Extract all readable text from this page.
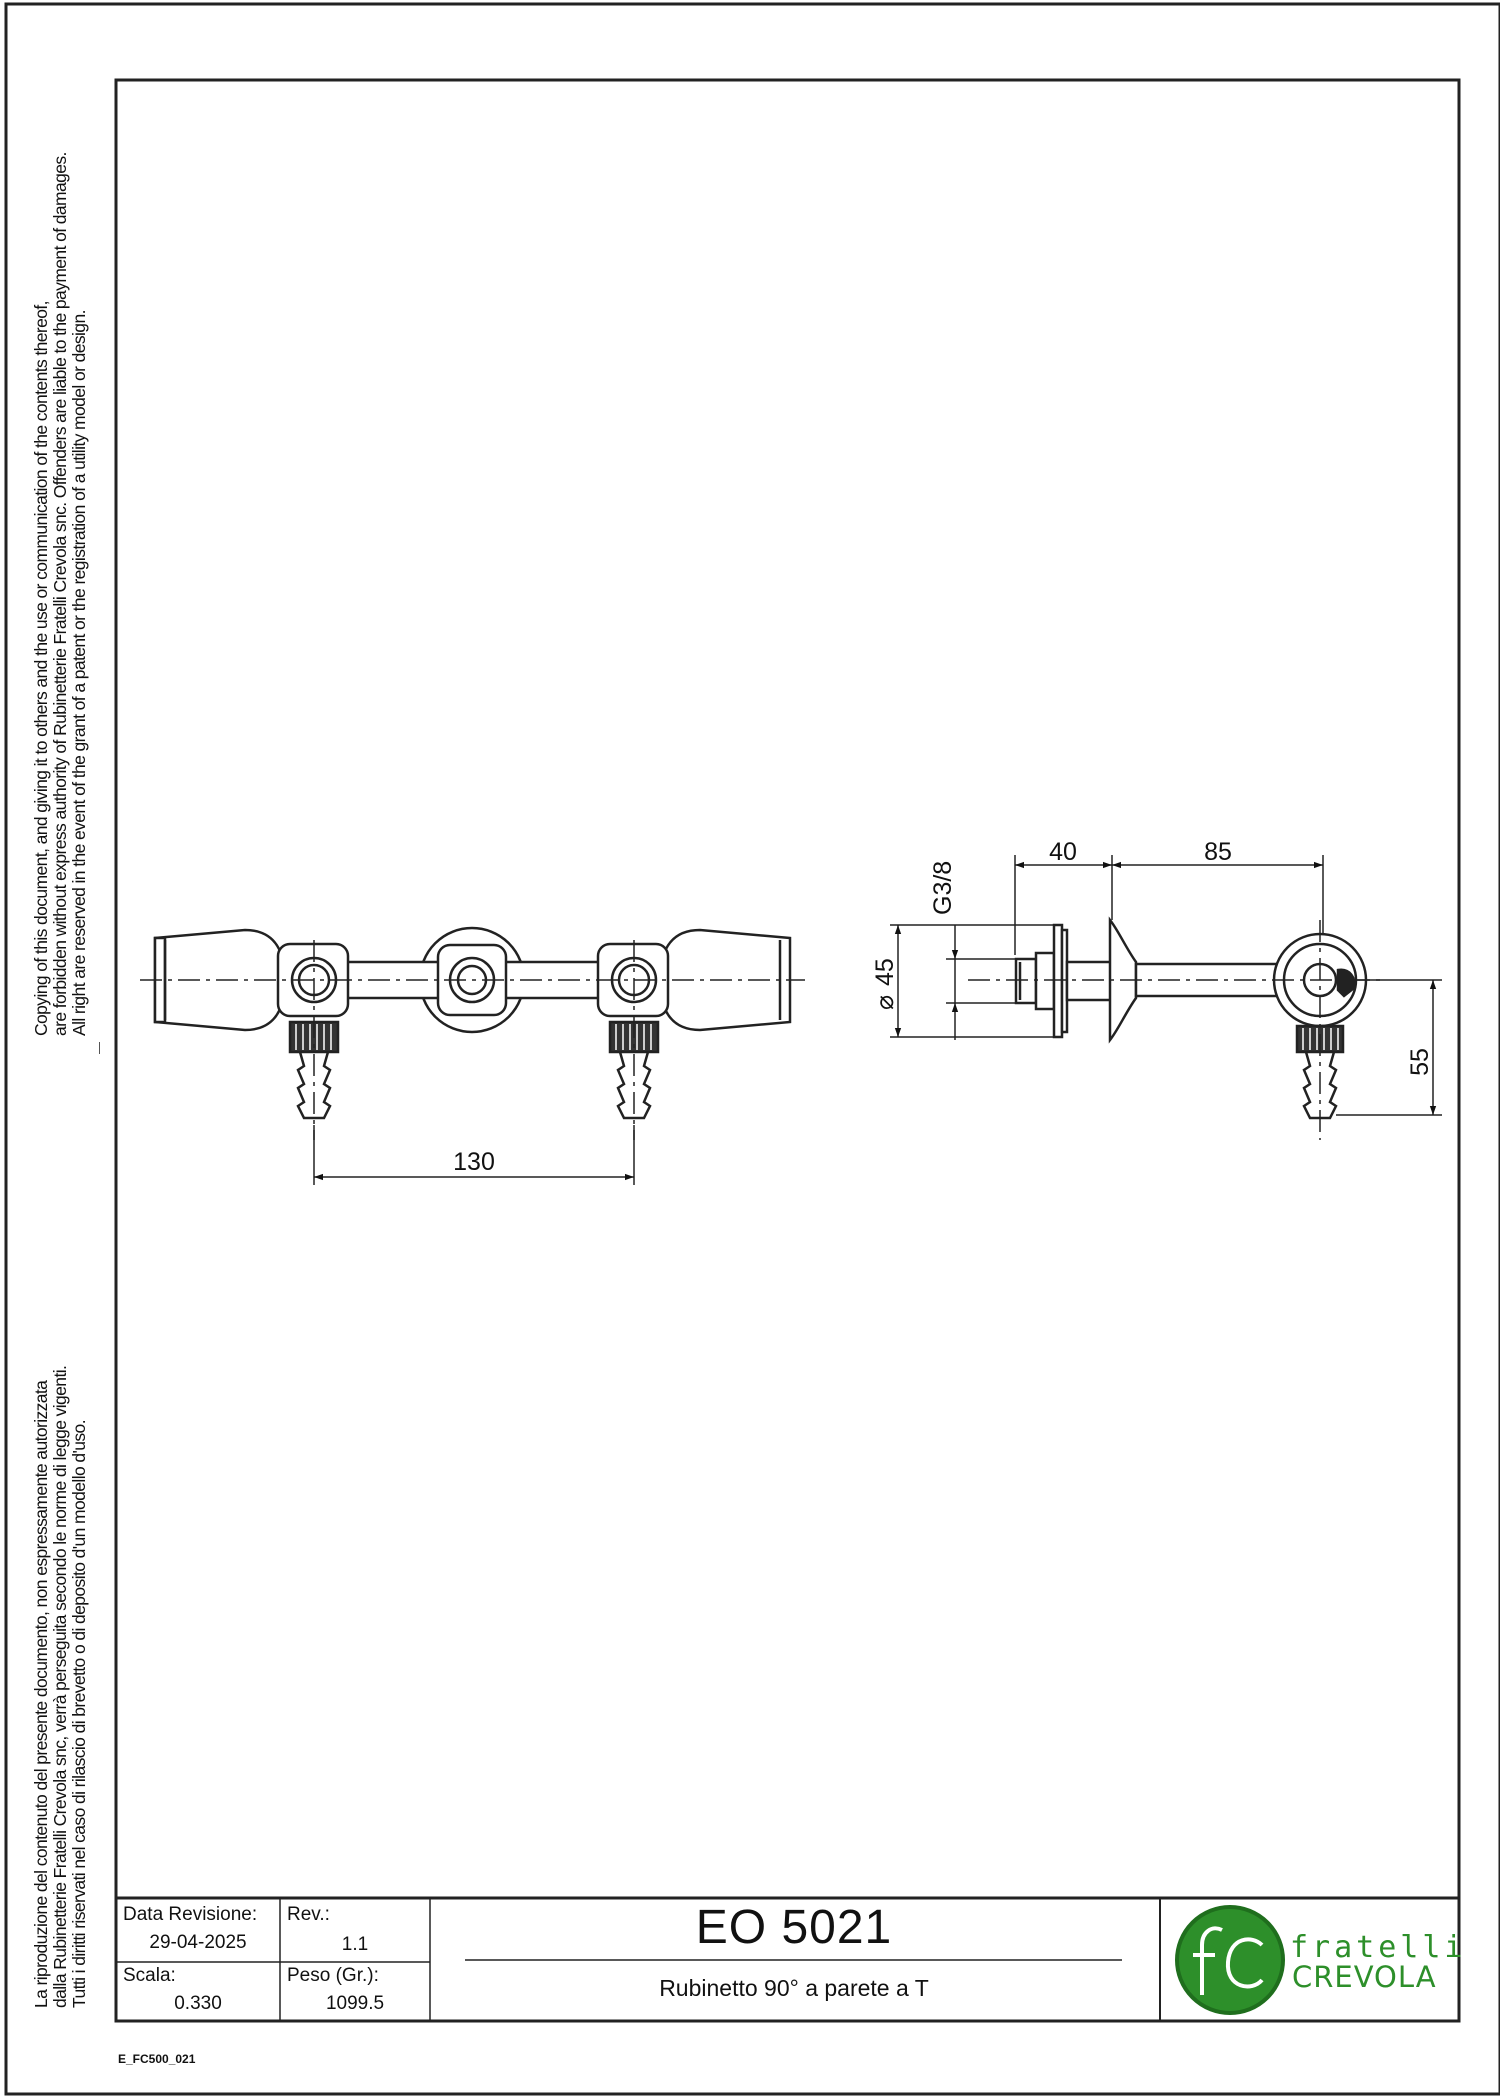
Copying of this document, and giving it to others and the use or communication of the contents thereof, are forbidden without express authority of Rubinetterie Fratelli Crevola snc. Offenders are liable to the payment of damages. All right are reserved in the event of the grant of a patent or the registration of a utility model or design.
La riproduzione del contenuto del presente documento, non espressamente autorizzata dalla Rubinetterie Fratelli Crevola snc, verrà perseguita secondo le norme di legge vigenti. Tutti i diritti riservati nel caso di rilascio di brevetto o di deposito d'un modello d'uso.
130
40	85
G3/8
⌀
45
55
Data Revisione:
29-04-2025
Rev.:
1.1
Scala:
0.330
Peso (Gr.):
1099.5
EO 5021
Rubinetto 90° a parete a T
fratelli
CREVOLA
E_FC500_021
